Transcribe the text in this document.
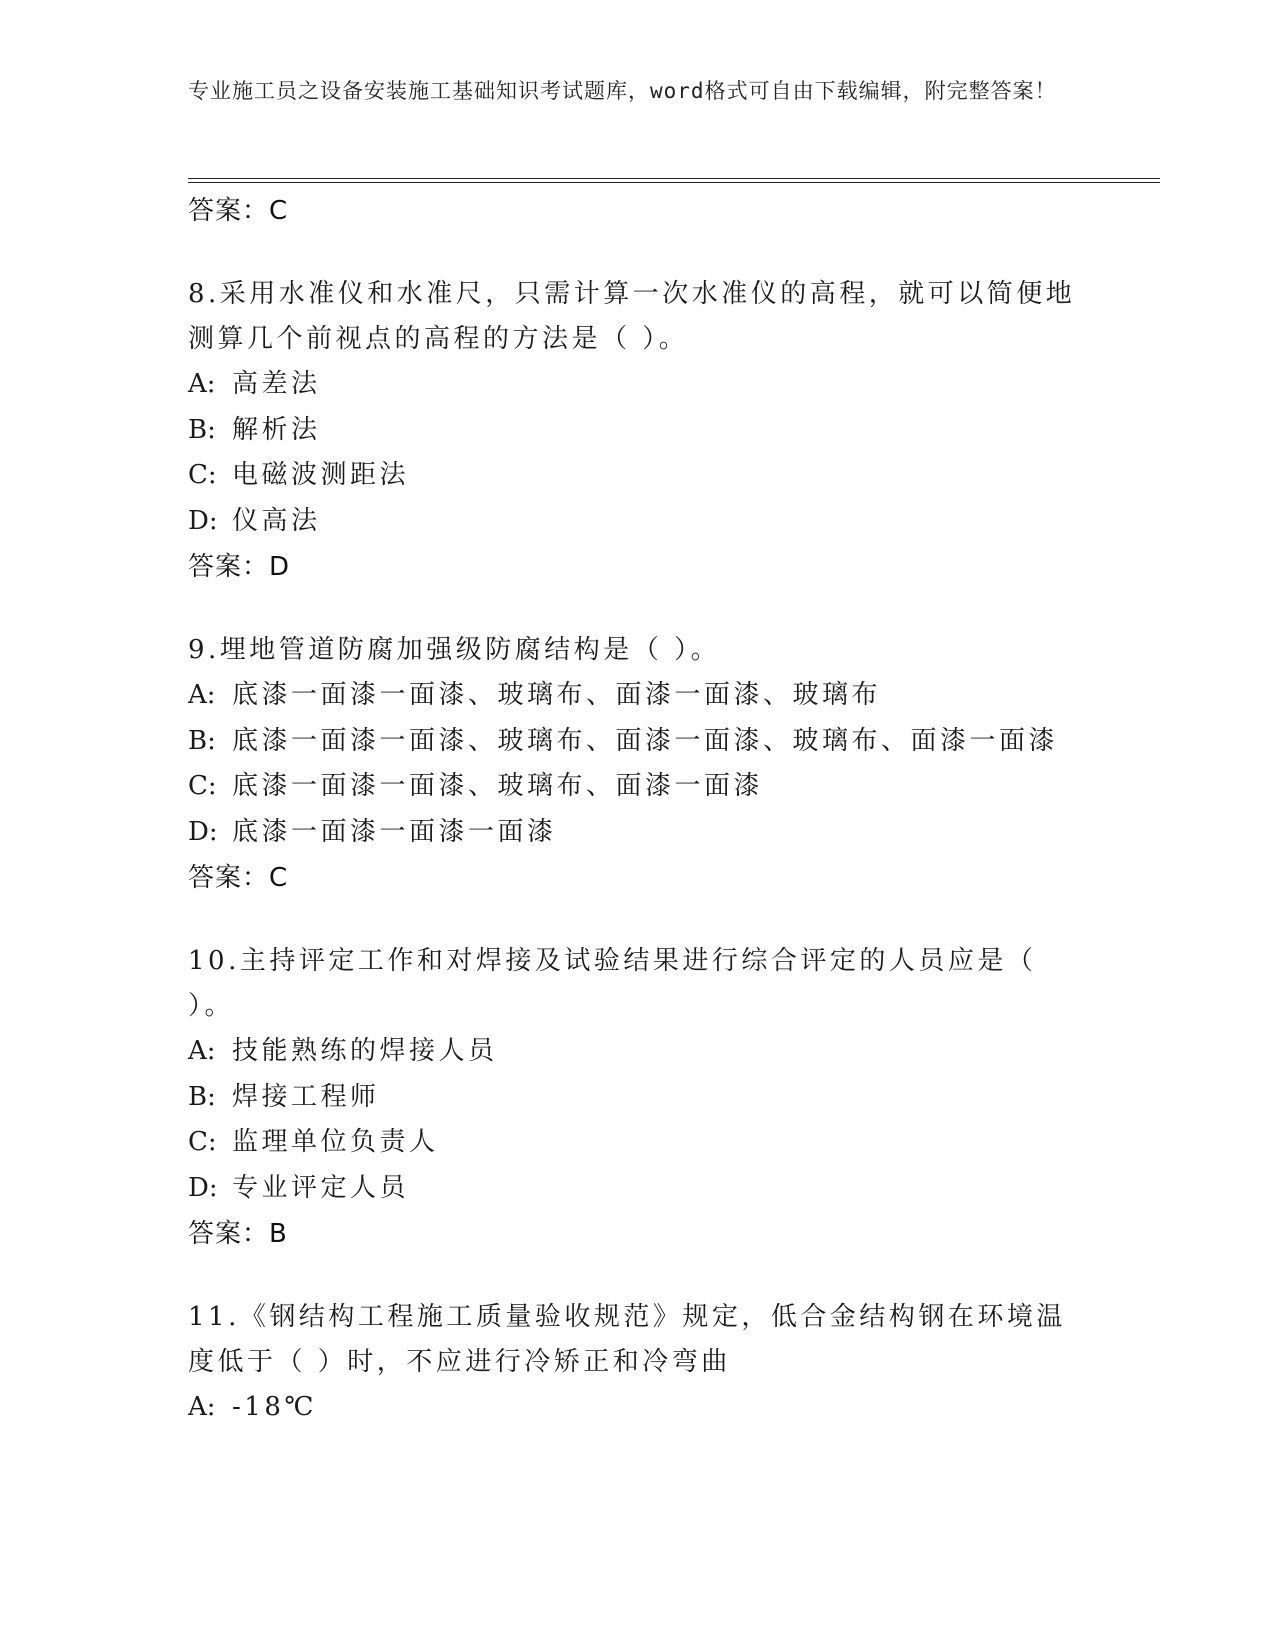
专业施工员之设备安装施工基础知识考试题库，word格式可自由下载编辑，附完整答案！
答案：C
8.采用水准仪和水准尺，只需计算一次水准仪的高程，就可以简便地测算几个前视点的高程的方法是（ ）。
A: 高差法
B: 解析法
C: 电磁波测距法
D: 仪高法
答案：D
9.埋地管道防腐加强级防腐结构是（ ）。
A: 底漆一面漆一面漆、玻璃布、面漆一面漆、玻璃布
B: 底漆一面漆一面漆、玻璃布、面漆一面漆、玻璃布、面漆一面漆
C: 底漆一面漆一面漆、玻璃布、面漆一面漆
D: 底漆一面漆一面漆一面漆
答案：C
10.主持评定工作和对焊接及试验结果进行综合评定的人员应是（ ）。
A: 技能熟练的焊接人员
B: 焊接工程师
C: 监理单位负责人
D: 专业评定人员
答案：B
11.《钢结构工程施工质量验收规范》规定，低合金结构钢在环境温度低于（ ）时，不应进行冷矫正和冷弯曲
A: -18℃
